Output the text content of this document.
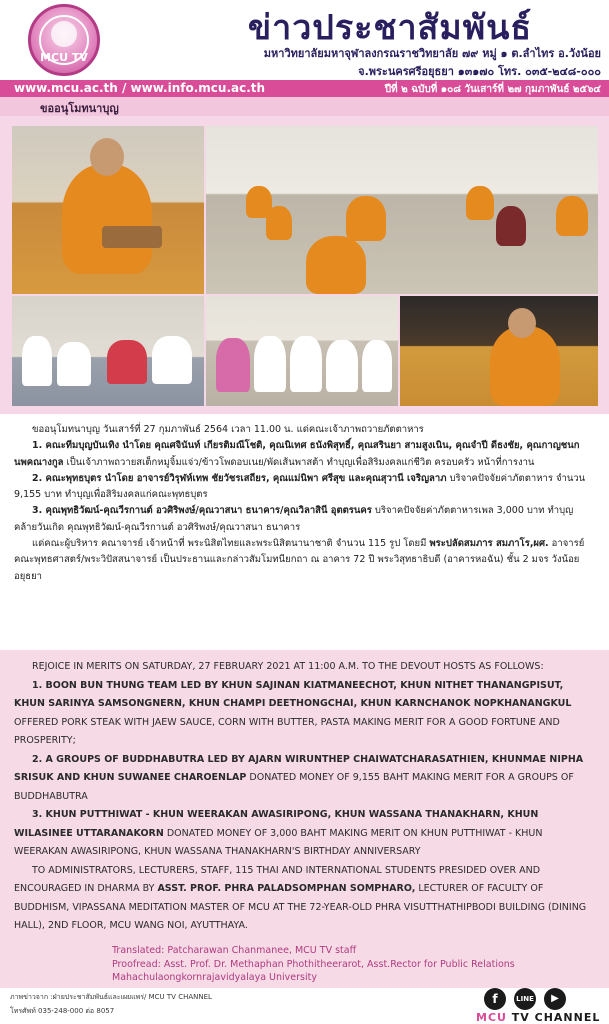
MCU TV
ข่าวประชาสัมพันธ์
มหาวิทยาลัยมหาจุฬาลงกรณราชวิทยาลัย ๗๙ หมู่ ๑ ต.ลำไทร อ.วังน้อย
จ.พระนครศรีอยุธยา ๑๓๑๗๐ โทร. ๐๓๕-๒๔๘-๐๐๐
www.mcu.ac.th / www.info.mcu.ac.th	ปีที่ ๒ ฉบับที่ ๑๐๘ วันเสาร์ที่ ๒๗ กุมภาพันธ์ ๒๕๖๔
ขออนุโมทนาบุญ

ขออนุโมทนาบุญ วันเสาร์ที่ 27 กุมภาพันธ์ 2564 เวลา 11.00 น. แด่คณะเจ้าภาพถวายภัตตาหาร

1. คณะทีมบุญบันเทิง นำโดย คุณศจินันท์ เกียรติมณีโชติ, คุณนิเทศ ธนังพิสุทธิ์, คุณสรินยา สามสูงเนิน, คุณจำปี ดีธงชัย, คุณกาญชนก นพคณางกูล เป็นเจ้าภาพถวายสเต็กหมูจิ้มแจ่ว/ข้าวโพดอบเนย/พัดเส้นพาสต้า ทำบุญเพื่อสิริมงคลแก่ชีวิต ครอบครัว หน้าที่การงาน

2. คณะพุทธบุตร นำโดย อาจารย์วิรุฬห์เทพ ชัยวัชรเสถียร, คุณแม่นิพา ศรีสุข และคุณสุวานี เจริญลาภ บริจาคปัจจัยค่าภัตตาหาร จำนวน 9,155 บาท ทำบุญเพื่อสิริมงคลแก่คณะพุทธบุตร

3. คุณพุทธิวัฒน์-คุณวีรกานต์ อวศิริพงษ์/คุณวาสนา ธนาคาร/คุณวิลาสินี อุตตรนคร บริจาคปัจจัยค่าภัตตาหารเพล 3,000 บาท ทำบุญคล้ายวันเกิด คุณพุทธิวัฒน์-คุณวีรกานต์ อวศิริพงษ์/คุณวาสนา ธนาคาร

แด่คณะผู้บริหาร คณาจารย์ เจ้าหน้าที่ พระนิสิตไทยและพระนิสิตนานาชาติ จำนวน 115 รูป โดยมี พระปลัดสมภาร สมภาโร,ผศ. อาจารย์คณะพุทธศาสตร์/พระวิปัสสนาจารย์ เป็นประธานและกล่าวสัมโมทนียกถา ณ อาคาร 72 ปี พระวิสุทธาธิบดี (อาคารหอฉัน) ชั้น 2 มจร วังน้อย อยุธยา

REJOICE IN MERITS ON SATURDAY, 27 FEBRUARY 2021 AT 11:00 A.M. TO THE DEVOUT HOSTS AS FOLLOWS:

1. BOON BUN THUNG TEAM LED BY KHUN SAJINAN KIATMANEECHOT, KHUN NITHET THANANGPISUT, KHUN SARINYA SAMSONGNERN, KHUN CHAMPI DEETHONGCHAI, KHUN KARNCHANOK NOPKHANANGKUL OFFERED PORK STEAK WITH JAEW SAUCE, CORN WITH BUTTER, PASTA MAKING MERIT FOR A GOOD FORTUNE AND PROSPERITY;

2. A GROUPS OF BUDDHABUTRA LED BY AJARN WIRUNTHEP CHAIWATCHARASATHIEN, KHUNMAE NIPHA SRISUK AND KHUN SUWANEE CHAROENLAP DONATED MONEY OF 9,155 BAHT MAKING MERIT FOR A GROUPS OF BUDDHABUTRA

3. KHUN PUTTHIWAT - KHUN WEERAKAN AWASIRIPONG, KHUN WASSANA THANAKHARN, KHUN WILASINEE UTTARANAKORN DONATED MONEY OF 3,000 BAHT MAKING MERIT ON KHUN PUTTHIWAT - KHUN WEERAKAN AWASIRIPONG, KHUN WASSANA THANAKHARN'S BIRTHDAY ANNIVERSARY

TO ADMINISTRATORS, LECTURERS, STAFF, 115 THAI AND INTERNATIONAL STUDENTS PRESIDED OVER AND ENCOURAGED IN DHARMA BY ASST. PROF. PHRA PALADSOMPHAN SOMPHARO, LECTURER OF FACULTY OF BUDDHISM, VIPASSANA MEDITATION MASTER OF MCU AT THE 72-YEAR-OLD PHRA VISUTTHATHIPBODI BUILDING (DINING HALL), 2ND FLOOR, MCU WANG NOI, AYUTTHAYA.

Translated: Patcharawan Chanmanee, MCU TV staff
Proofread: Asst. Prof. Dr. Methaphan Phothitheerarot, Asst.Rector for Public Relations
Mahachulaongkornrajavidyalaya University
ภาพข่าวจาก :ฝ่ายประชาสัมพันธ์และเผยแพร่/ MCU TV CHANNEL
โทรศัพท์ 035-248-000 ต่อ 8057
f	LINE	▶
MCU TV CHANNEL
